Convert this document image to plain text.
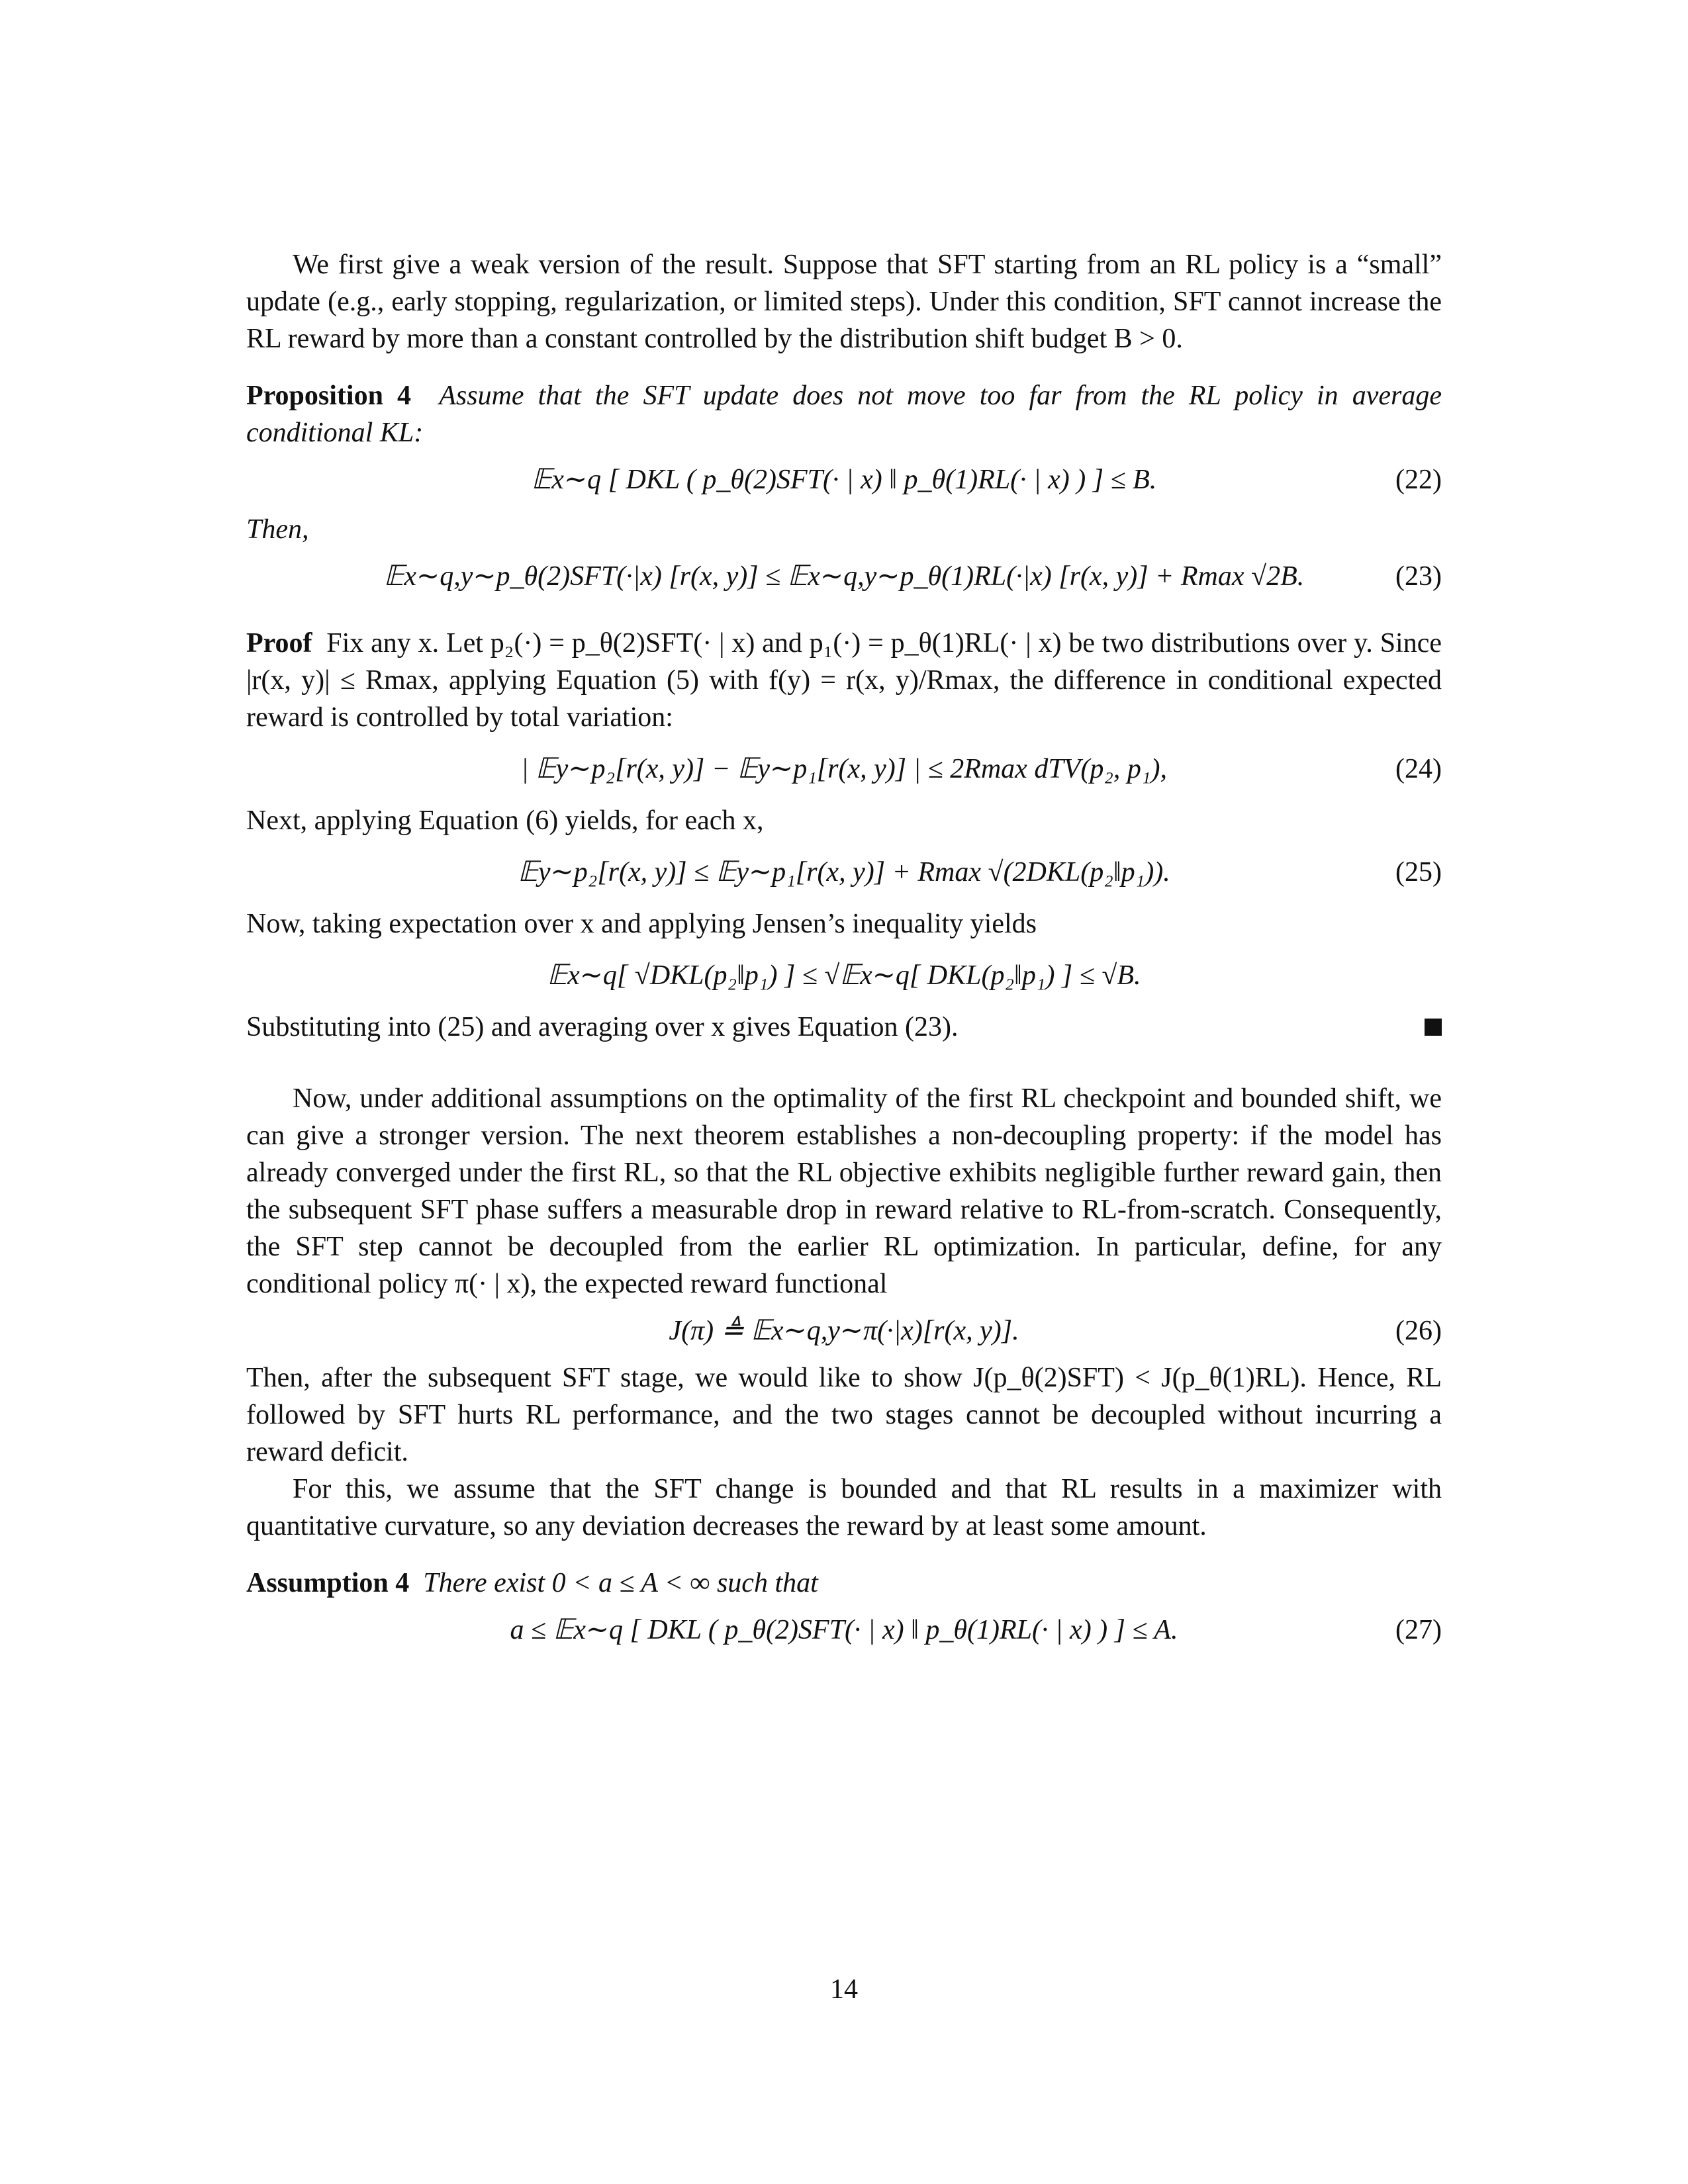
We first give a weak version of the result. Suppose that SFT starting from an RL policy is a “small” update (e.g., early stopping, regularization, or limited steps). Under this condition, SFT cannot increase the RL reward by more than a constant controlled by the distribution shift budget B > 0.

Proposition 4 Assume that the SFT update does not move too far from the RL policy in average conditional KL:

𝔼x∼q [ DKL ( p_θ(2)SFT(· | x) ‖ p_θ(1)RL(· | x) ) ] ≤ B.	(22)

Then,

𝔼x∼q,y∼p_θ(2)SFT(·|x) [r(x, y)] ≤ 𝔼x∼q,y∼p_θ(1)RL(·|x) [r(x, y)] + Rmax √2B.	(23)

Proof Fix any x. Let p₂(·) = p_θ(2)SFT(· | x) and p₁(·) = p_θ(1)RL(· | x) be two distributions over y. Since |r(x, y)| ≤ Rmax, applying Equation (5) with f(y) = r(x, y)/Rmax, the difference in conditional expected reward is controlled by total variation:

| 𝔼y∼p₂[r(x, y)] − 𝔼y∼p₁[r(x, y)] | ≤ 2Rmax dTV(p₂, p₁),	(24)

Next, applying Equation (6) yields, for each x,

𝔼y∼p₂[r(x, y)] ≤ 𝔼y∼p₁[r(x, y)] + Rmax √(2DKL(p₂‖p₁)).	(25)

Now, taking expectation over x and applying Jensen’s inequality yields

𝔼x∼q[ √DKL(p₂‖p₁) ] ≤ √𝔼x∼q[ DKL(p₂‖p₁) ] ≤ √B.
Substituting into (25) and averaging over x gives Equation (23).

Now, under additional assumptions on the optimality of the first RL checkpoint and bounded shift, we can give a stronger version. The next theorem establishes a non-decoupling property: if the model has already converged under the first RL, so that the RL objective exhibits negligible further reward gain, then the subsequent SFT phase suffers a measurable drop in reward relative to RL-from-scratch. Consequently, the SFT step cannot be decoupled from the earlier RL optimization. In particular, define, for any conditional policy π(· | x), the expected reward functional

J(π) ≜ 𝔼x∼q,y∼π(·|x)[r(x, y)].	(26)

Then, after the subsequent SFT stage, we would like to show J(p_θ(2)SFT) < J(p_θ(1)RL). Hence, RL followed by SFT hurts RL performance, and the two stages cannot be decoupled without incurring a reward deficit.

For this, we assume that the SFT change is bounded and that RL results in a maximizer with quantitative curvature, so any deviation decreases the reward by at least some amount.

Assumption 4 There exist 0 < a ≤ A < ∞ such that

a ≤ 𝔼x∼q [ DKL ( p_θ(2)SFT(· | x) ‖ p_θ(1)RL(· | x) ) ] ≤ A.	(27)
14
